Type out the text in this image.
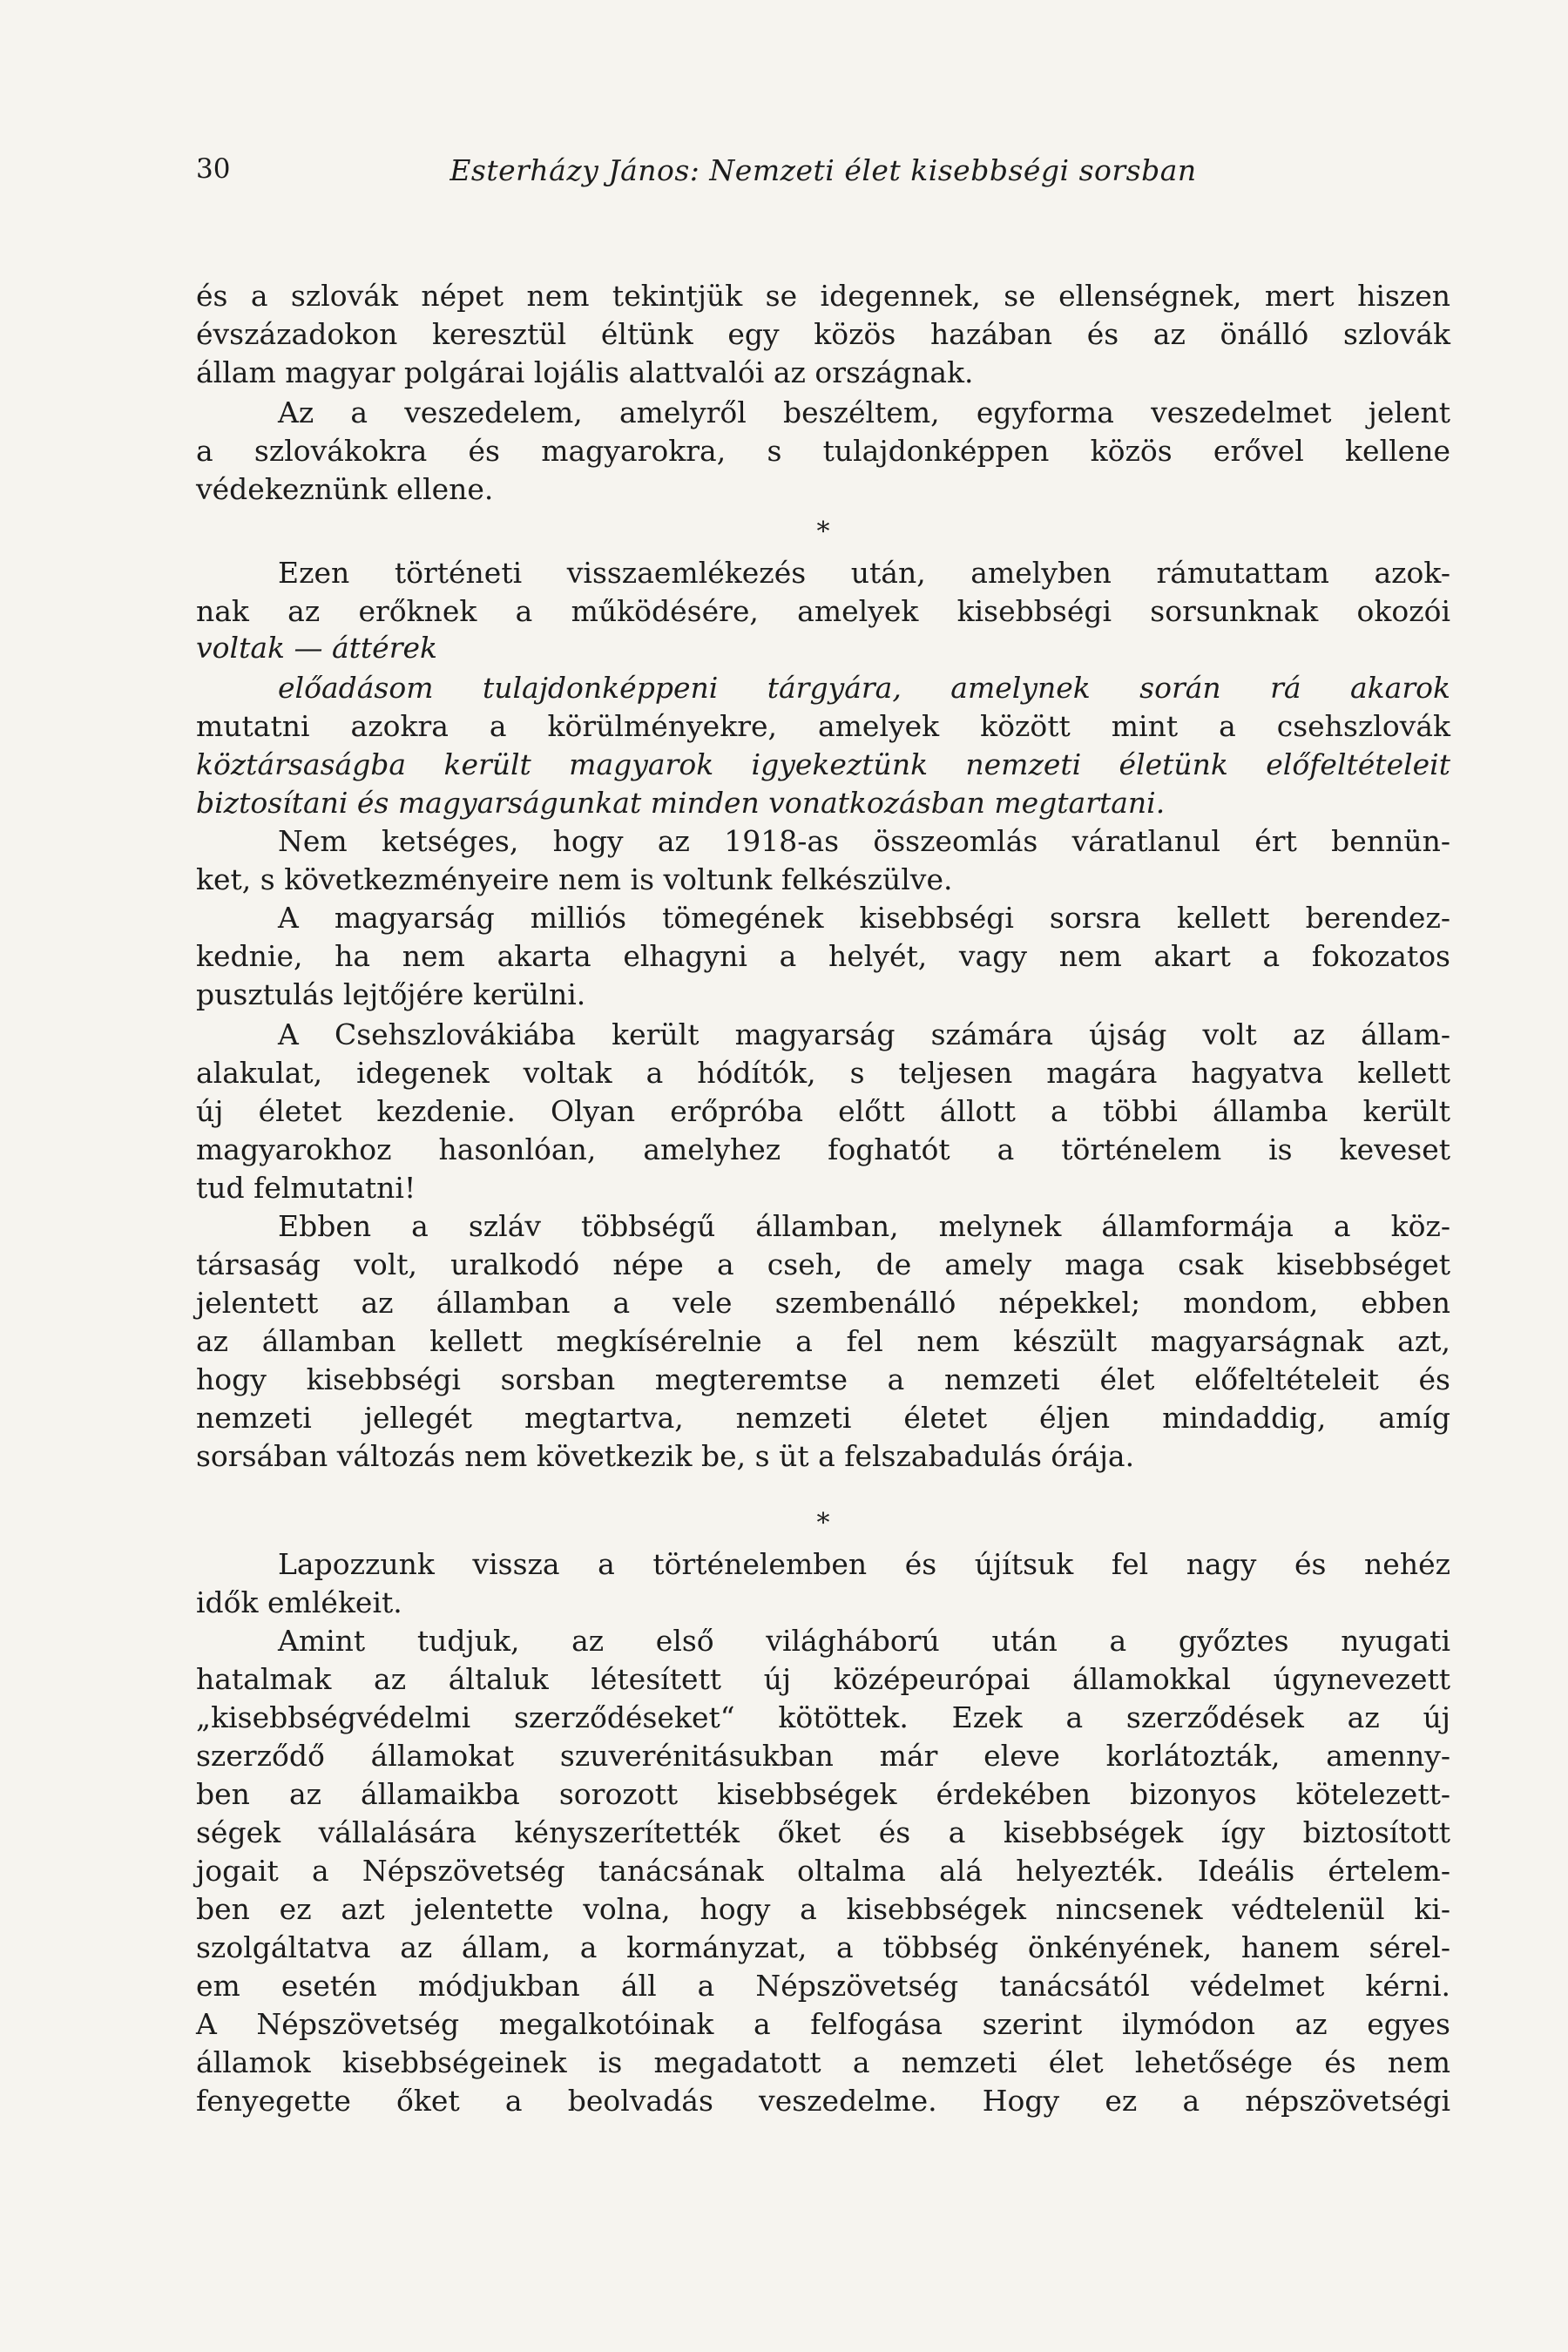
30	Esterházy János: Nemzeti élet kisebbségi sorsban
és a szlovák népet nem tekintjük se idegennek, se ellenségnek, mert hiszen
évszázadokon keresztül éltünk egy közös hazában és az önálló szlovák
állam magyar polgárai lojális alattvalói az országnak.
Az a veszedelem, amelyről beszéltem, egyforma veszedelmet jelent
a szlovákokra és magyarokra, s tulajdonképpen közös erővel kellene
védekeznünk ellene.
*
Ezen történeti visszaemlékezés után, amelyben rámutattam azok-
nak az erőknek a működésére, amelyek kisebbségi sorsunknak okozói
voltak — áttérek
előadásom tulajdonképpeni tárgyára, amelynek során rá akarok
mutatni azokra a körülményekre, amelyek között mint a csehszlovák
köztársaságba került magyarok igyekeztünk nemzeti életünk előfeltételeit
biztosítani és magyarságunkat minden vonatkozásban megtartani.
Nem ketséges, hogy az 1918-as összeomlás váratlanul ért bennün-
ket, s következményeire nem is voltunk felkészülve.
A magyarság milliós tömegének kisebbségi sorsra kellett berendez-
kednie, ha nem akarta elhagyni a helyét, vagy nem akart a fokozatos
pusztulás lejtőjére kerülni.
A Csehszlovákiába került magyarság számára újság volt az állam-
alakulat, idegenek voltak a hódítók, s teljesen magára hagyatva kellett
új életet kezdenie. Olyan erőpróba előtt állott a többi államba került
magyarokhoz hasonlóan, amelyhez foghatót a történelem is keveset
tud felmutatni!
Ebben a szláv többségű államban, melynek államformája a köz-
társaság volt, uralkodó népe a cseh, de amely maga csak kisebbséget
jelentett az államban a vele szembenálló népekkel; mondom, ebben
az államban kellett megkísérelnie a fel nem készült magyarságnak azt,
hogy kisebbségi sorsban megteremtse a nemzeti élet előfeltételeit és
nemzeti jellegét megtartva, nemzeti életet éljen mindaddig, amíg
sorsában változás nem következik be, s üt a felszabadulás órája.
*
Lapozzunk vissza a történelemben és újítsuk fel nagy és nehéz
idők emlékeit.
Amint tudjuk, az első világháború után a győztes nyugati
hatalmak az általuk létesített új középeurópai államokkal úgynevezett
„kisebbségvédelmi szerződéseket“ kötöttek. Ezek a szerződések az új
szerződő államokat szuverénitásukban már eleve korlátozták, amenny-
ben az államaikba sorozott kisebbségek érdekében bizonyos kötelezett-
ségek vállalására kényszerítették őket és a kisebbségek így biztosított
jogait a Népszövetség tanácsának oltalma alá helyezték. Ideális értelem-
ben ez azt jelentette volna, hogy a kisebbségek nincsenek védtelenül ki-
szolgáltatva az állam, a kormányzat, a többség önkényének, hanem sérel-
em esetén módjukban áll a Népszövetség tanácsától védelmet kérni.
A Népszövetség megalkotóinak a felfogása szerint ilymódon az egyes
államok kisebbségeinek is megadatott a nemzeti élet lehetősége és nem
fenyegette őket a beolvadás veszedelme. Hogy ez a népszövetségi
